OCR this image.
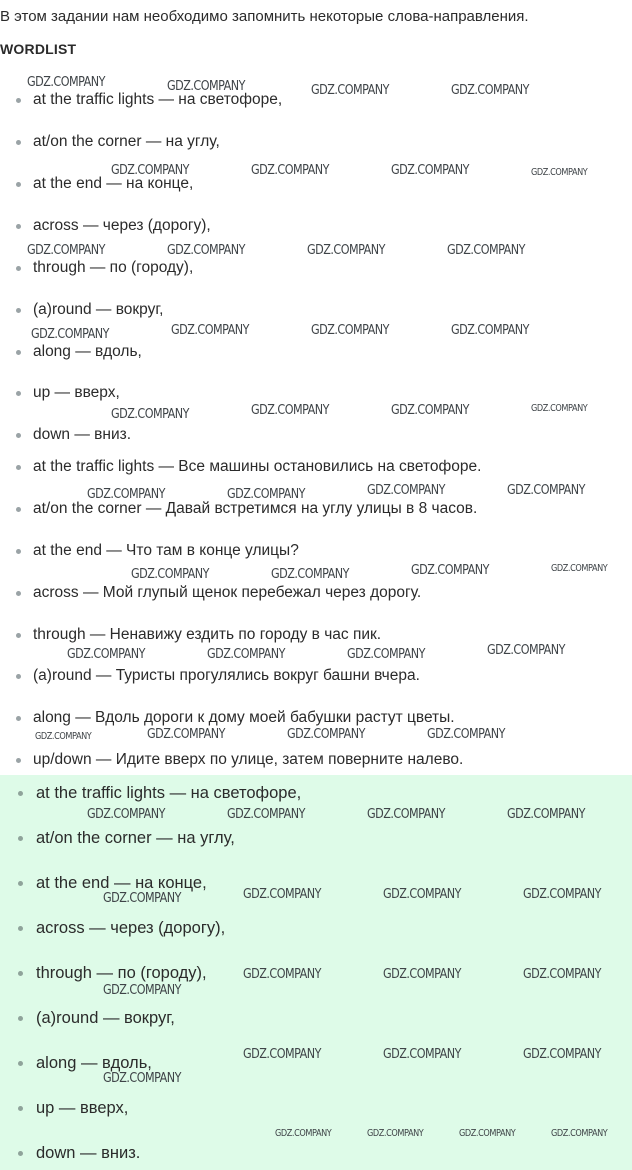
В этом задании нам необходимо запомнить некоторые слова-направления.
WORDLIST
at the traffic lights — на светофоре,
at/on the corner — на углу,
at the end — на конце,
across — через (дорогу),
through — по (городу),
(a)round — вокруг,
along — вдоль,
up — вверх,
down — вниз.
at the traffic lights — Все машины остановились на светофоре.
at/on the corner — Давай встретимся на углу улицы в 8 часов.
at the end — Что там в конце улицы?
across — Мой глупый щенок перебежал через дорогу.
through — Ненавижу ездить по городу в час пик.
(a)round — Туристы прогулялись вокруг башни вчера.
along — Вдоль дороги к дому моей бабушки растут цветы.
up/down — Идите вверх по улице, затем поверните налево.
at the traffic lights — на светофоре,
at/on the corner — на углу,
at the end — на конце,
across — через (дорогу),
through — по (городу),
(a)round — вокруг,
along — вдоль,
up — вверх,
down — вниз.
GDZ.COMPANY	GDZ.COMPANY	GDZ.COMPANY	GDZ.COMPANY
GDZ.COMPANY	GDZ.COMPANY	GDZ.COMPANY	GDZ.COMPANY
GDZ.COMPANY	GDZ.COMPANY	GDZ.COMPANY	GDZ.COMPANY
GDZ.COMPANY	GDZ.COMPANY	GDZ.COMPANY	GDZ.COMPANY
GDZ.COMPANY	GDZ.COMPANY	GDZ.COMPANY	GDZ.COMPANY
GDZ.COMPANY	GDZ.COMPANY	GDZ.COMPANY	GDZ.COMPANY
GDZ.COMPANY	GDZ.COMPANY	GDZ.COMPANY	GDZ.COMPANY
GDZ.COMPANY	GDZ.COMPANY	GDZ.COMPANY	GDZ.COMPANY
GDZ.COMPANY	GDZ.COMPANY	GDZ.COMPANY	GDZ.COMPANY
GDZ.COMPANY	GDZ.COMPANY	GDZ.COMPANY	GDZ.COMPANY
GDZ.COMPANY	GDZ.COMPANY	GDZ.COMPANY	GDZ.COMPANY
GDZ.COMPANY	GDZ.COMPANY	GDZ.COMPANY
GDZ.COMPANY
GDZ.COMPANY	GDZ.COMPANY	GDZ.COMPANY
GDZ.COMPANY
GDZ.COMPANY	GDZ.COMPANY	GDZ.COMPANY	GDZ.COMPANY
